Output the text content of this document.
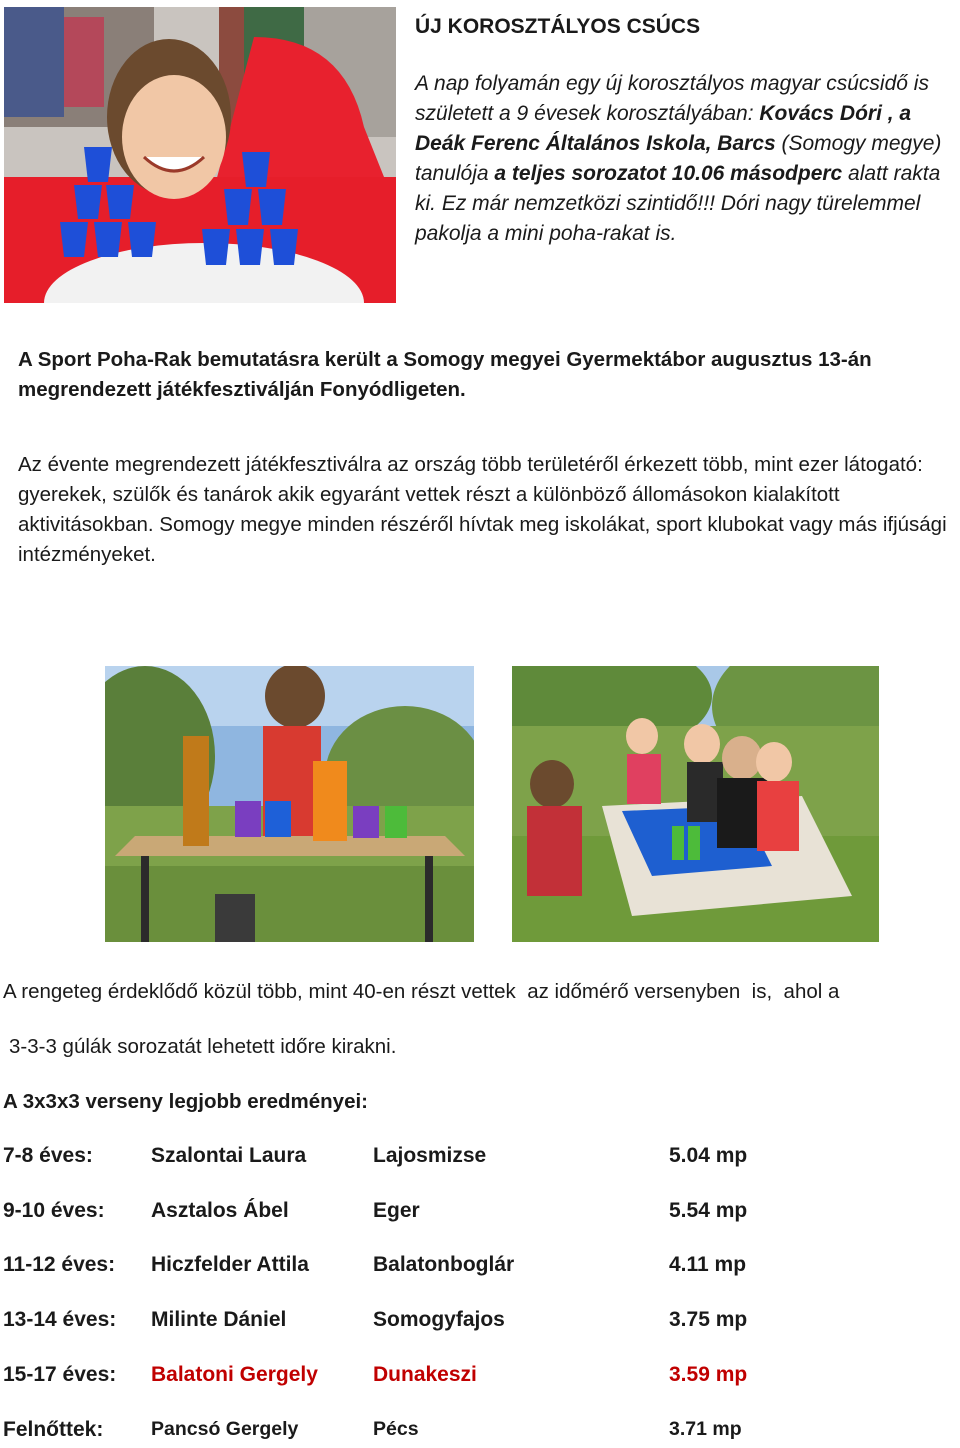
ÚJ KOROSZTÁLYOS CSÚCS
A nap folyamán egy új korosztályos magyar csúcsidő is született a 9 évesek korosztályában: Kovács Dóri , a Deák Ferenc Általános Iskola, Barcs (Somogy megye) tanulója a teljes sorozatot 10.06 másodperc alatt rakta ki. Ez már nemzetközi szintidő!!! Dóri nagy türelemmel pakolja a mini poha-rakat is.
A Sport Poha-Rak bemutatásra került a Somogy megyei Gyermektábor augusztus 13-án megrendezett játékfesztiválján Fonyódligeten.
Az évente megrendezett játékfesztiválra az ország több területéről érkezett több, mint ezer látogató: gyerekek, szülők és tanárok akik egyaránt vettek részt a különböző állomásokon kialakított aktivitásokban. Somogy megye minden részéről hívtak meg iskolákat, sport klubokat vagy más ifjúsági intézményeket.
A rengeteg érdeklődő közül több, mint 40-en részt vettek  az időmérő versenyben  is,  ahol a
3-3-3 gúlák sorozatát lehetett időre kirakni.
A 3x3x3 verseny legjobb eredményei:
7-8 éves:	Szalontai Laura	Lajosmizse	5.04 mp
9-10 éves: Asztalos Ábel	Eger	5.54 mp
11-12 éves: Hiczfelder Attila	Balatonboglár	4.11 mp
13-14 éves: Milinte Dániel	Somogyfajos	3.75 mp
15-17 éves: Balatoni Gergely	Dunakeszi	3.59 mp
Felnőttek: Pancsó Gergely	Pécs	3.71 mp
